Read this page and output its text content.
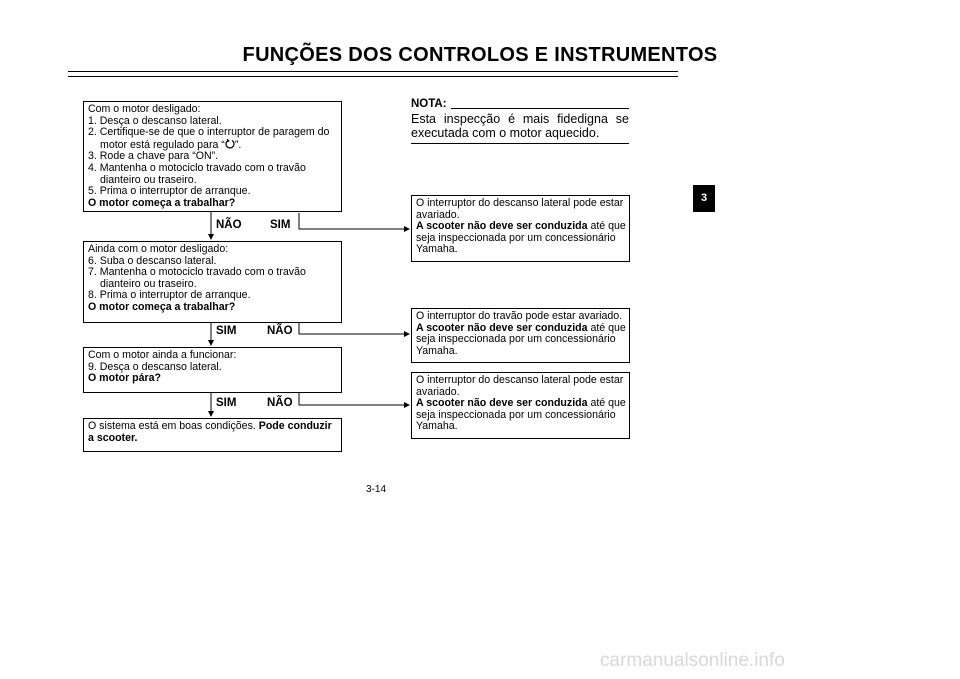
FUNÇÕES DOS CONTROLOS E INSTRUMENTOS
Com o motor desligado:
1. Desça o descanso lateral.
2. Certifique-se de que o interruptor de paragem do
motor está regulado para “ ”.
3. Rode a chave para “ON”.
4. Mantenha o motociclo travado com o travão
dianteiro ou traseiro.
5. Prima o interruptor de arranque.
O motor começa a trabalhar?
NÃO SIM
Ainda com o motor desligado:
6. Suba o descanso lateral.
7. Mantenha o motociclo travado com o travão
dianteiro ou traseiro.
8. Prima o interruptor de arranque.
O motor começa a trabalhar?
SIM	NÃO
Com o motor ainda a funcionar:
9. Desça o descanso lateral.
O motor pára?
SIM	NÃO
O sistema está em boas condições. Pode conduzir a scooter.
NOTA:
Esta inspecção é mais fidedigna se
executada com o motor aquecido.
O interruptor do descanso lateral pode estar
avariado.
A scooter não deve ser conduzida até que
seja inspeccionada por um concessionário
Yamaha.
O interruptor do travão pode estar avariado.
A scooter não deve ser conduzida até que
seja inspeccionada por um concessionário
Yamaha.
O interruptor do descanso lateral pode estar
avariado.
A scooter não deve ser conduzida até que
seja inspeccionada por um concessionário
Yamaha.
3
3-14
carmanualsonline.info
